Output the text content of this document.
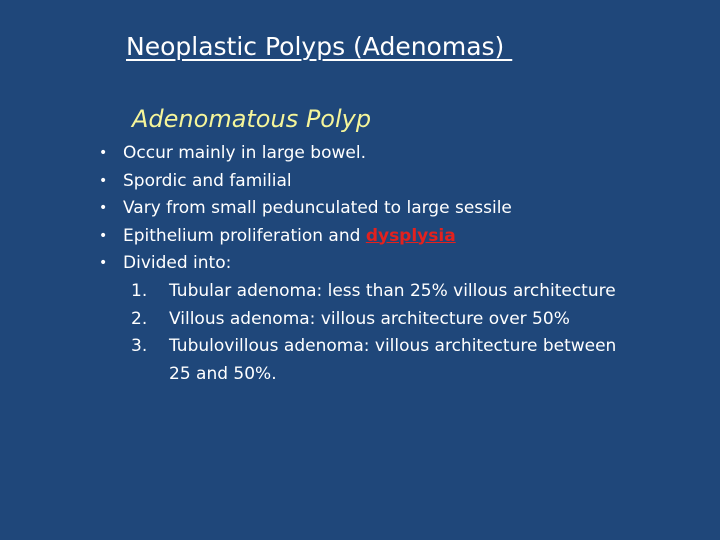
Neoplastic Polyps (Adenomas)
Adenomatous Polyp
• Occur mainly in large bowel.
• Spordic and familial
• Vary from small pedunculated to large sessile
• Epithelium proliferation and dysplysia
• Divided into:
1. Tubular adenoma: less than 25% villous architecture
2. Villous adenoma: villous architecture over 50%
3. Tubulovillous adenoma: villous architecture between 25 and 50%.
